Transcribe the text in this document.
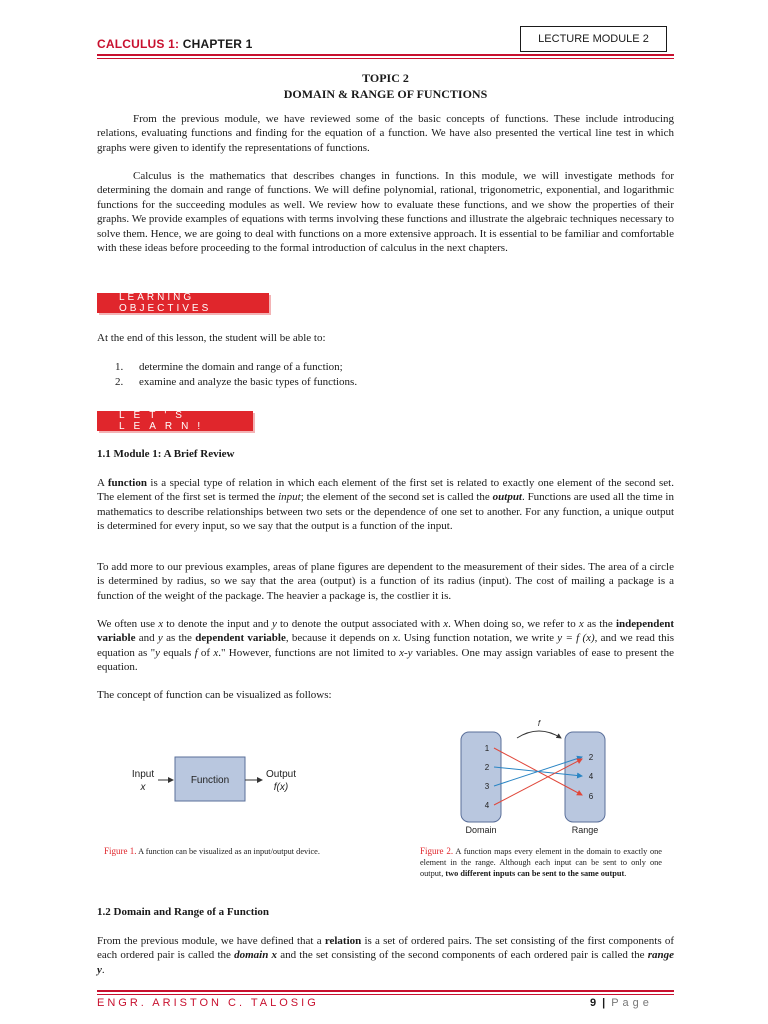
CALCULUS 1: CHAPTER 1	LECTURE MODULE 2
TOPIC 2
DOMAIN & RANGE OF FUNCTIONS

From the previous module, we have reviewed some of the basic concepts of functions. These include introducing relations, evaluating functions and finding for the equation of a function. We have also presented the vertical line test in which graphs were given to identify the representations of functions.

Calculus is the mathematics that describes changes in functions. In this module, we will investigate methods for determining the domain and range of functions. We will define polynomial, rational, trigonometric, exponential, and logarithmic functions for the succeeding modules as well. We review how to evaluate these functions, and we show the properties of their graphs. We provide examples of equations with terms involving these functions and illustrate the algebraic techniques necessary to solve them. Hence, we are going to deal with functions on a more extensive approach. It is essential to be familiar and comfortable with these ideas before proceeding to the formal introduction of calculus in the next chapters.

LEARNING OBJECTIVES

At the end of this lesson, the student will be able to:

1. determine the domain and range of a function;
2. examine and analyze the basic types of functions.
LET'S LEARN!
1.1 Module 1: A Brief Review

A function is a special type of relation in which each element of the first set is related to exactly one element of the second set. The element of the first set is termed the input; the element of the second set is called the output. Functions are used all the time in mathematics to describe relationships between two sets or the dependence of one set to another. For any function, a unique output is determined for every input, so we say that the output is a function of the input.

To add more to our previous examples, areas of plane figures are dependent to the measurement of their sides. The area of a circle is determined by radius, so we say that the area (output) is a function of its radius (input). The cost of mailing a package is a function of the weight of the package. The heavier a package is, the costlier it is.

We often use x to denote the input and y to denote the output associated with x. When doing so, we refer to x as the independent variable and y as the dependent variable, because it depends on x. Using function notation, we write y = f (x), and we read this equation as "y equals f of x." However, functions are not limited to x-y variables. One may assign variables of ease to present the equation.

The concept of function can be visualized as follows:

Input
x
Function
Output
f(x)

Figure 1. A function can be visualized as an input/output device.

f
1
2
3
4
2
4
6
Domain	Range

Figure 2. A function maps every element in the domain to exactly one element in the range. Although each input can be sent to only one output, two different inputs can be sent to the same output.

1.2 Domain and Range of a Function

From the previous module, we have defined that a relation is a set of ordered pairs. The set consisting of the first components of each ordered pair is called the domain x and the set consisting of the second components of each ordered pair is called the range y.

ENGR. ARISTON C. TALOSIG	9 | Page
